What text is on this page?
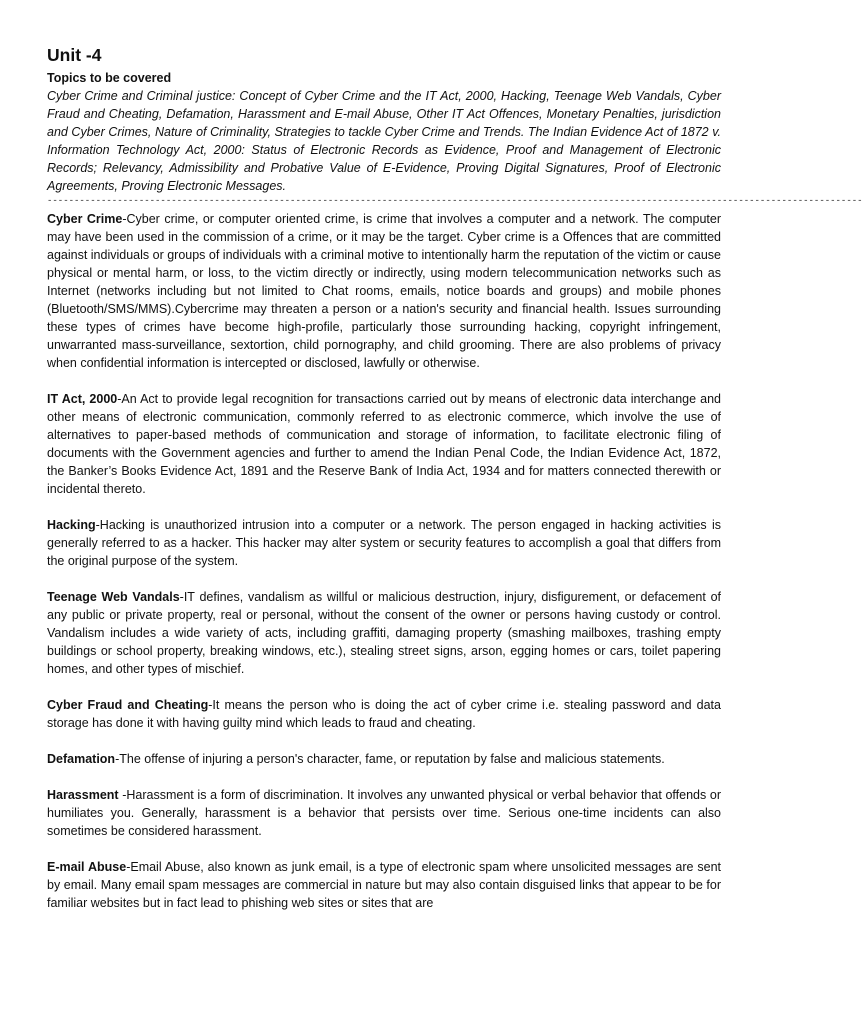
Unit -4
Topics to be covered

Cyber Crime and Criminal justice: Concept of Cyber Crime and the IT Act, 2000, Hacking, Teenage Web Vandals, Cyber Fraud and Cheating, Defamation, Harassment and E-mail Abuse, Other IT Act Offences, Monetary Penalties, jurisdiction and Cyber Crimes, Nature of Criminality, Strategies to tackle Cyber Crime and Trends. The Indian Evidence Act of 1872 v. Information Technology Act, 2000: Status of Electronic Records as Evidence, Proof and Management of Electronic Records; Relevancy, Admissibility and Probative Value of E-Evidence, Proving Digital Signatures, Proof of Electronic Agreements, Proving Electronic Messages.

-------------------------------------------------------------------------------------------------------------------------------------------------------

Cyber Crime-Cyber crime, or computer oriented crime, is crime that involves a computer and a network. The computer may have been used in the commission of a crime, or it may be the target. Cyber crime is a Offences that are committed against individuals or groups of individuals with a criminal motive to intentionally harm the reputation of the victim or cause physical or mental harm, or loss, to the victim directly or indirectly, using modern telecommunication networks such as Internet (networks including but not limited to Chat rooms, emails, notice boards and groups) and mobile phones (Bluetooth/SMS/MMS).Cybercrime may threaten a person or a nation's security and financial health. Issues surrounding these types of crimes have become high-profile, particularly those surrounding hacking, copyright infringement, unwarranted mass-surveillance, sextortion, child pornography, and child grooming. There are also problems of privacy when confidential information is intercepted or disclosed, lawfully or otherwise.

IT Act, 2000-An Act to provide legal recognition for transactions carried out by means of electronic data interchange and other means of electronic communication, commonly referred to as electronic commerce, which involve the use of alternatives to paper-based methods of communication and storage of information, to facilitate electronic filing of documents with the Government agencies and further to amend the Indian Penal Code, the Indian Evidence Act, 1872, the Banker’s Books Evidence Act, 1891 and the Reserve Bank of India Act, 1934 and for matters connected therewith or incidental thereto.

Hacking-Hacking is unauthorized intrusion into a computer or a network. The person engaged in hacking activities is generally referred to as a hacker. This hacker may alter system or security features to accomplish a goal that differs from the original purpose of the system.

Teenage Web Vandals-IT defines, vandalism as willful or malicious destruction, injury, disfigurement, or defacement of any public or private property, real or personal, without the consent of the owner or persons having custody or control. Vandalism includes a wide variety of acts, including graffiti, damaging property (smashing mailboxes, trashing empty buildings or school property, breaking windows, etc.), stealing street signs, arson, egging homes or cars, toilet papering homes, and other types of mischief.

Cyber Fraud and Cheating-It means the person who is doing the act of cyber crime i.e. stealing password and data storage has done it with having guilty mind which leads to fraud and cheating.

Defamation-The offense of injuring a person's character, fame, or reputation by false and malicious statements.

Harassment -Harassment is a form of discrimination. It involves any unwanted physical or verbal behavior that offends or humiliates you. Generally, harassment is a behavior that persists over time. Serious one-time incidents can also sometimes be considered harassment.

E-mail Abuse-Email Abuse, also known as junk email, is a type of electronic spam where unsolicited messages are sent by email. Many email spam messages are commercial in nature but may also contain disguised links that appear to be for familiar websites but in fact lead to phishing web sites or sites that are
